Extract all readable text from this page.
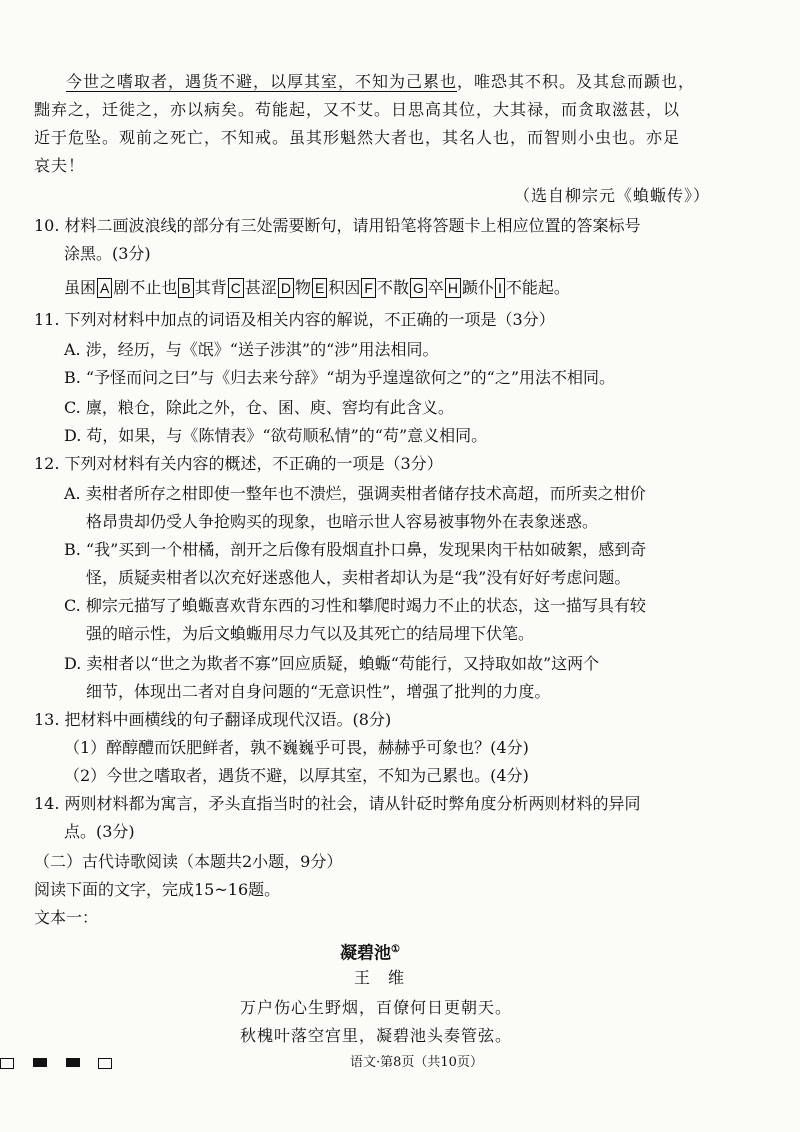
今世之嗜取者，遇货不避，以厚其室，不知为己累也，唯恐其不积。及其怠而踬也，
黜弃之，迁徙之，亦以病矣。苟能起，又不艾。日思高其位，大其禄，而贪取滋甚，以
近于危坠。观前之死亡，不知戒。虽其形魁然大者也，其名人也，而智则小虫也。亦足
哀夫！
（选自柳宗元《蝜蝂传》）
10. 材料二画波浪线的部分有三处需要断句，请用铅笔将答题卡上相应位置的答案标号
涂黑。(3分)
虽困 A 剧不止也 B 其背 C 甚涩 D 物 E 积因 F 不散 G 卒 H 踬仆 I 不能起。
11. 下列对材料中加点的词语及相关内容的解说，不正确的一项是（3分）
A. 涉，经历，与《氓》“送子涉淇”的“涉”用法相同。
B. “予怪而问之曰”与《归去来兮辞》“胡为乎遑遑欲何之”的“之”用法不相同。
C. 廪，粮仓，除此之外，仓、囷、庾、窖均有此含义。
D. 苟，如果，与《陈情表》“欲苟顺私情”的“苟”意义相同。
12. 下列对材料有关内容的概述，不正确的一项是（3分）
A. 卖柑者所存之柑即使一整年也不溃烂，强调卖柑者储存技术高超，而所卖之柑价
格昂贵却仍受人争抢购买的现象，也暗示世人容易被事物外在表象迷惑。
B. “我”买到一个柑橘，剖开之后像有股烟直扑口鼻，发现果肉干枯如破絮，感到奇
怪，质疑卖柑者以次充好迷惑他人，卖柑者却认为是“我”没有好好考虑问题。
C. 柳宗元描写了蝜蝂喜欢背东西的习性和攀爬时竭力不止的状态，这一描写具有较
强的暗示性，为后文蝜蝂用尽力气以及其死亡的结局埋下伏笔。
D. 卖柑者以“世之为欺者不寡”回应质疑，蝜蝂“苟能行，又持取如故”这两个
细节，体现出二者对自身问题的“无意识性”，增强了批判的力度。
13. 把材料中画横线的句子翻译成现代汉语。(8分)
（1）醉醇醴而饫肥鲜者，孰不巍巍乎可畏，赫赫乎可象也？(4分)
（2）今世之嗜取者，遇货不避，以厚其室，不知为己累也。(4分)
14. 两则材料都为寓言，矛头直指当时的社会，请从针砭时弊角度分析两则材料的异同
点。(3分)
（二）古代诗歌阅读（本题共2小题，9分）
阅读下面的文字，完成15~16题。
文本一：
凝碧池①
王　维
万户伤心生野烟，百僚何日更朝天。
秋槐叶落空宫里，凝碧池头奏管弦。
语文·第8页（共10页）
